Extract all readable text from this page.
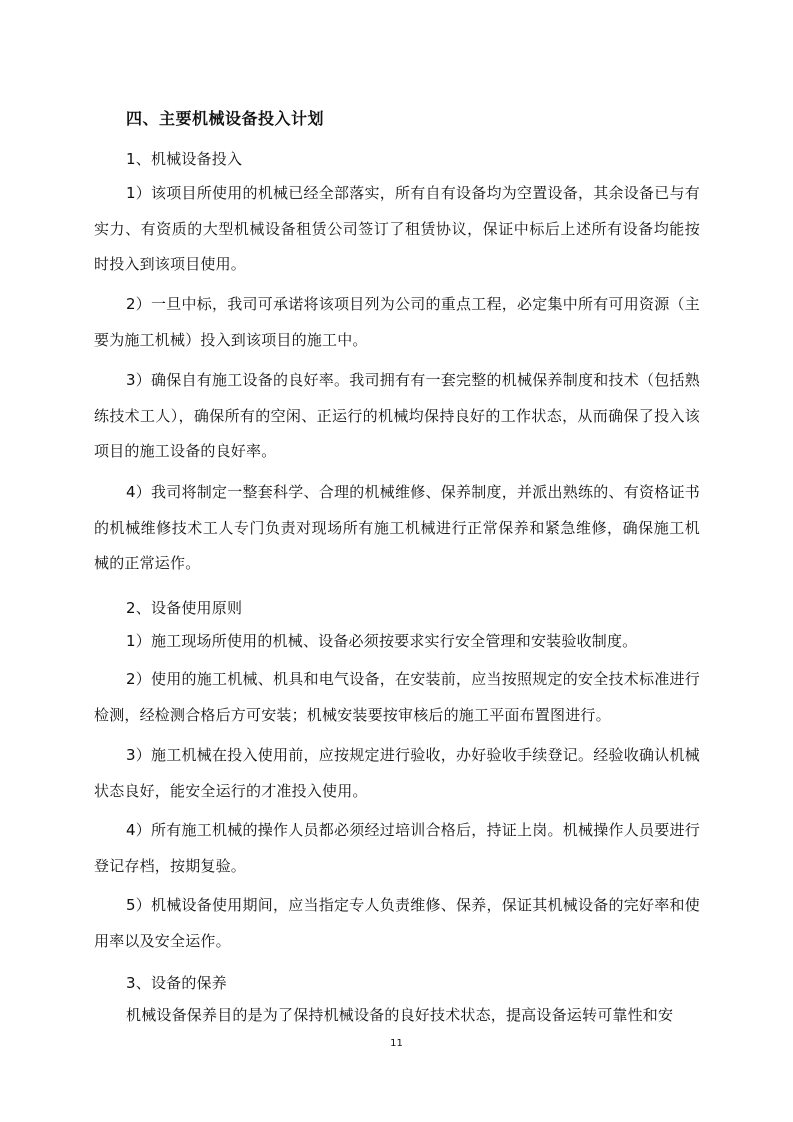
四、主要机械设备投入计划
1、机械设备投入

1）该项目所使用的机械已经全部落实，所有自有设备均为空置设备，其余设备已与有实力、有资质的大型机械设备租赁公司签订了租赁协议，保证中标后上述所有设备均能按时投入到该项目使用。

2）一旦中标，我司可承诺将该项目列为公司的重点工程，必定集中所有可用资源（主要为施工机械）投入到该项目的施工中。

3）确保自有施工设备的良好率。我司拥有有一套完整的机械保养制度和技术（包括熟练技术工人），确保所有的空闲、正运行的机械均保持良好的工作状态，从而确保了投入该项目的施工设备的良好率。

4）我司将制定一整套科学、合理的机械维修、保养制度，并派出熟练的、有资格证书的机械维修技术工人专门负责对现场所有施工机械进行正常保养和紧急维修，确保施工机械的正常运作。

2、设备使用原则

1）施工现场所使用的机械、设备必须按要求实行安全管理和安装验收制度。

2）使用的施工机械、机具和电气设备，在安装前，应当按照规定的安全技术标准进行检测，经检测合格后方可安装；机械安装要按审核后的施工平面布置图进行。

3）施工机械在投入使用前，应按规定进行验收，办好验收手续登记。经验收确认机械状态良好，能安全运行的才准投入使用。

4）所有施工机械的操作人员都必须经过培训合格后，持证上岗。机械操作人员要进行登记存档，按期复验。

5）机械设备使用期间，应当指定专人负责维修、保养，保证其机械设备的完好率和使用率以及安全运作。

3、设备的保养

机械设备保养目的是为了保持机械设备的良好技术状态，提高设备运转可靠性和安

11
